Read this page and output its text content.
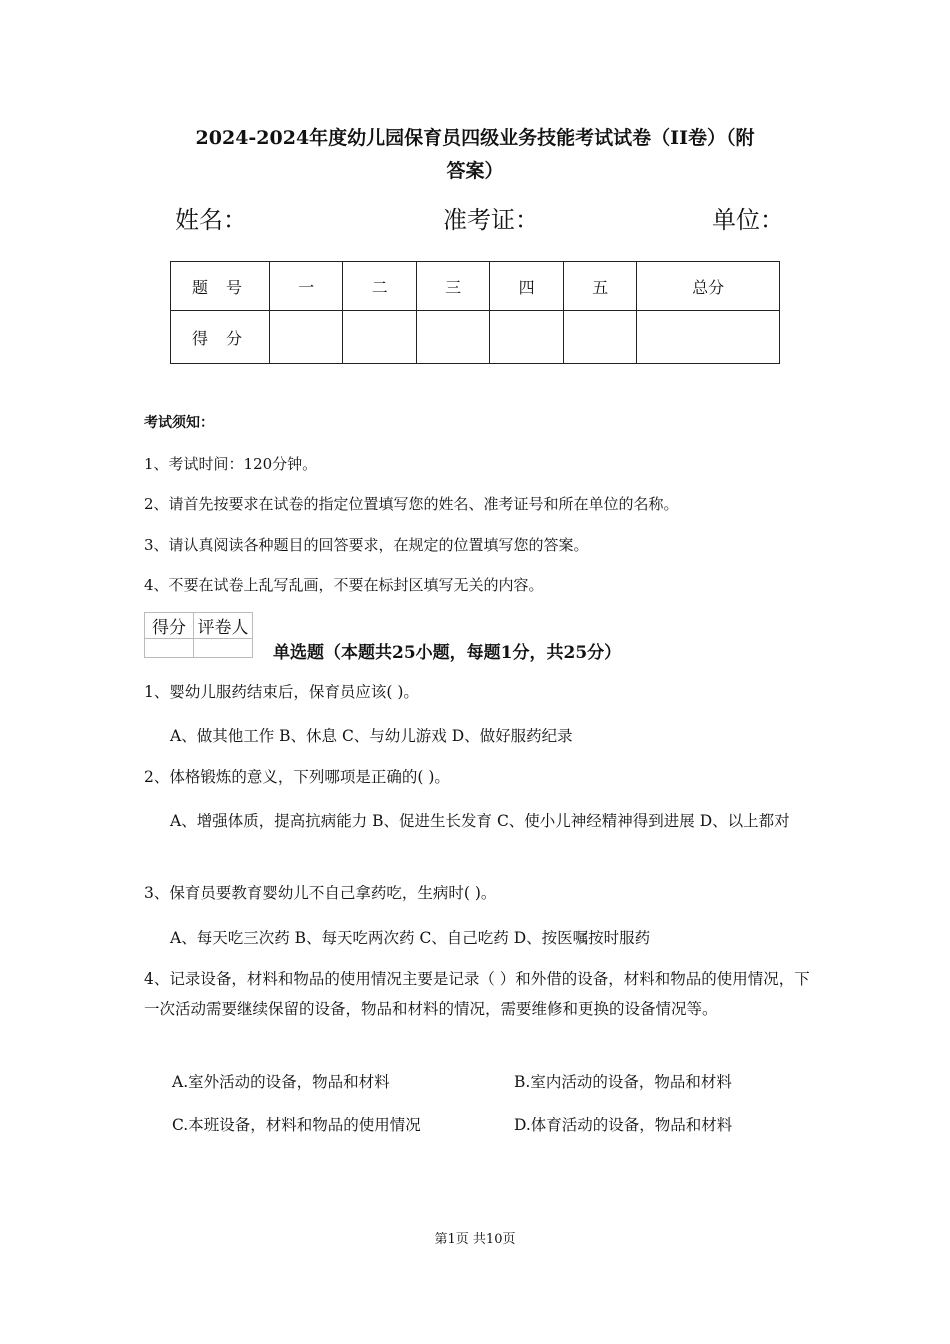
2024-2024年度幼儿园保育员四级业务技能考试试卷（II卷）（附
答案）
姓名：	准考证：	单位：
题号	一	二	三	四	五	总分
得分						
考试须知：
1、考试时间：120分钟。
2、请首先按要求在试卷的指定位置填写您的姓名、准考证号和所在单位的名称。
3、请认真阅读各种题目的回答要求，在规定的位置填写您的答案。
4、不要在试卷上乱写乱画，不要在标封区填写无关的内容。
得分	评卷人

单选题（本题共25小题，每题1分，共25分）
1、婴幼儿服药结束后，保育员应该( )。
A、做其他工作 B、休息 C、与幼儿游戏 D、做好服药纪录
2、体格锻炼的意义，下列哪项是正确的( )。
A、增强体质，提高抗病能力 B、促进生长发育 C、使小儿神经精神得到进展 D、以上都对
3、保育员要教育婴幼儿不自己拿药吃，生病时( )。
A、每天吃三次药 B、每天吃两次药 C、自己吃药 D、按医嘱按时服药
4、记录设备，材料和物品的使用情况主要是记录（ ）和外借的设备，材料和物品的使用情况，下一次活动需要继续保留的设备，物品和材料的情况，需要维修和更换的设备情况等。
A.室外活动的设备，物品和材料	B.室内活动的设备，物品和材料
C.本班设备，材料和物品的使用情况	D.体育活动的设备，物品和材料
第1页 共10页
